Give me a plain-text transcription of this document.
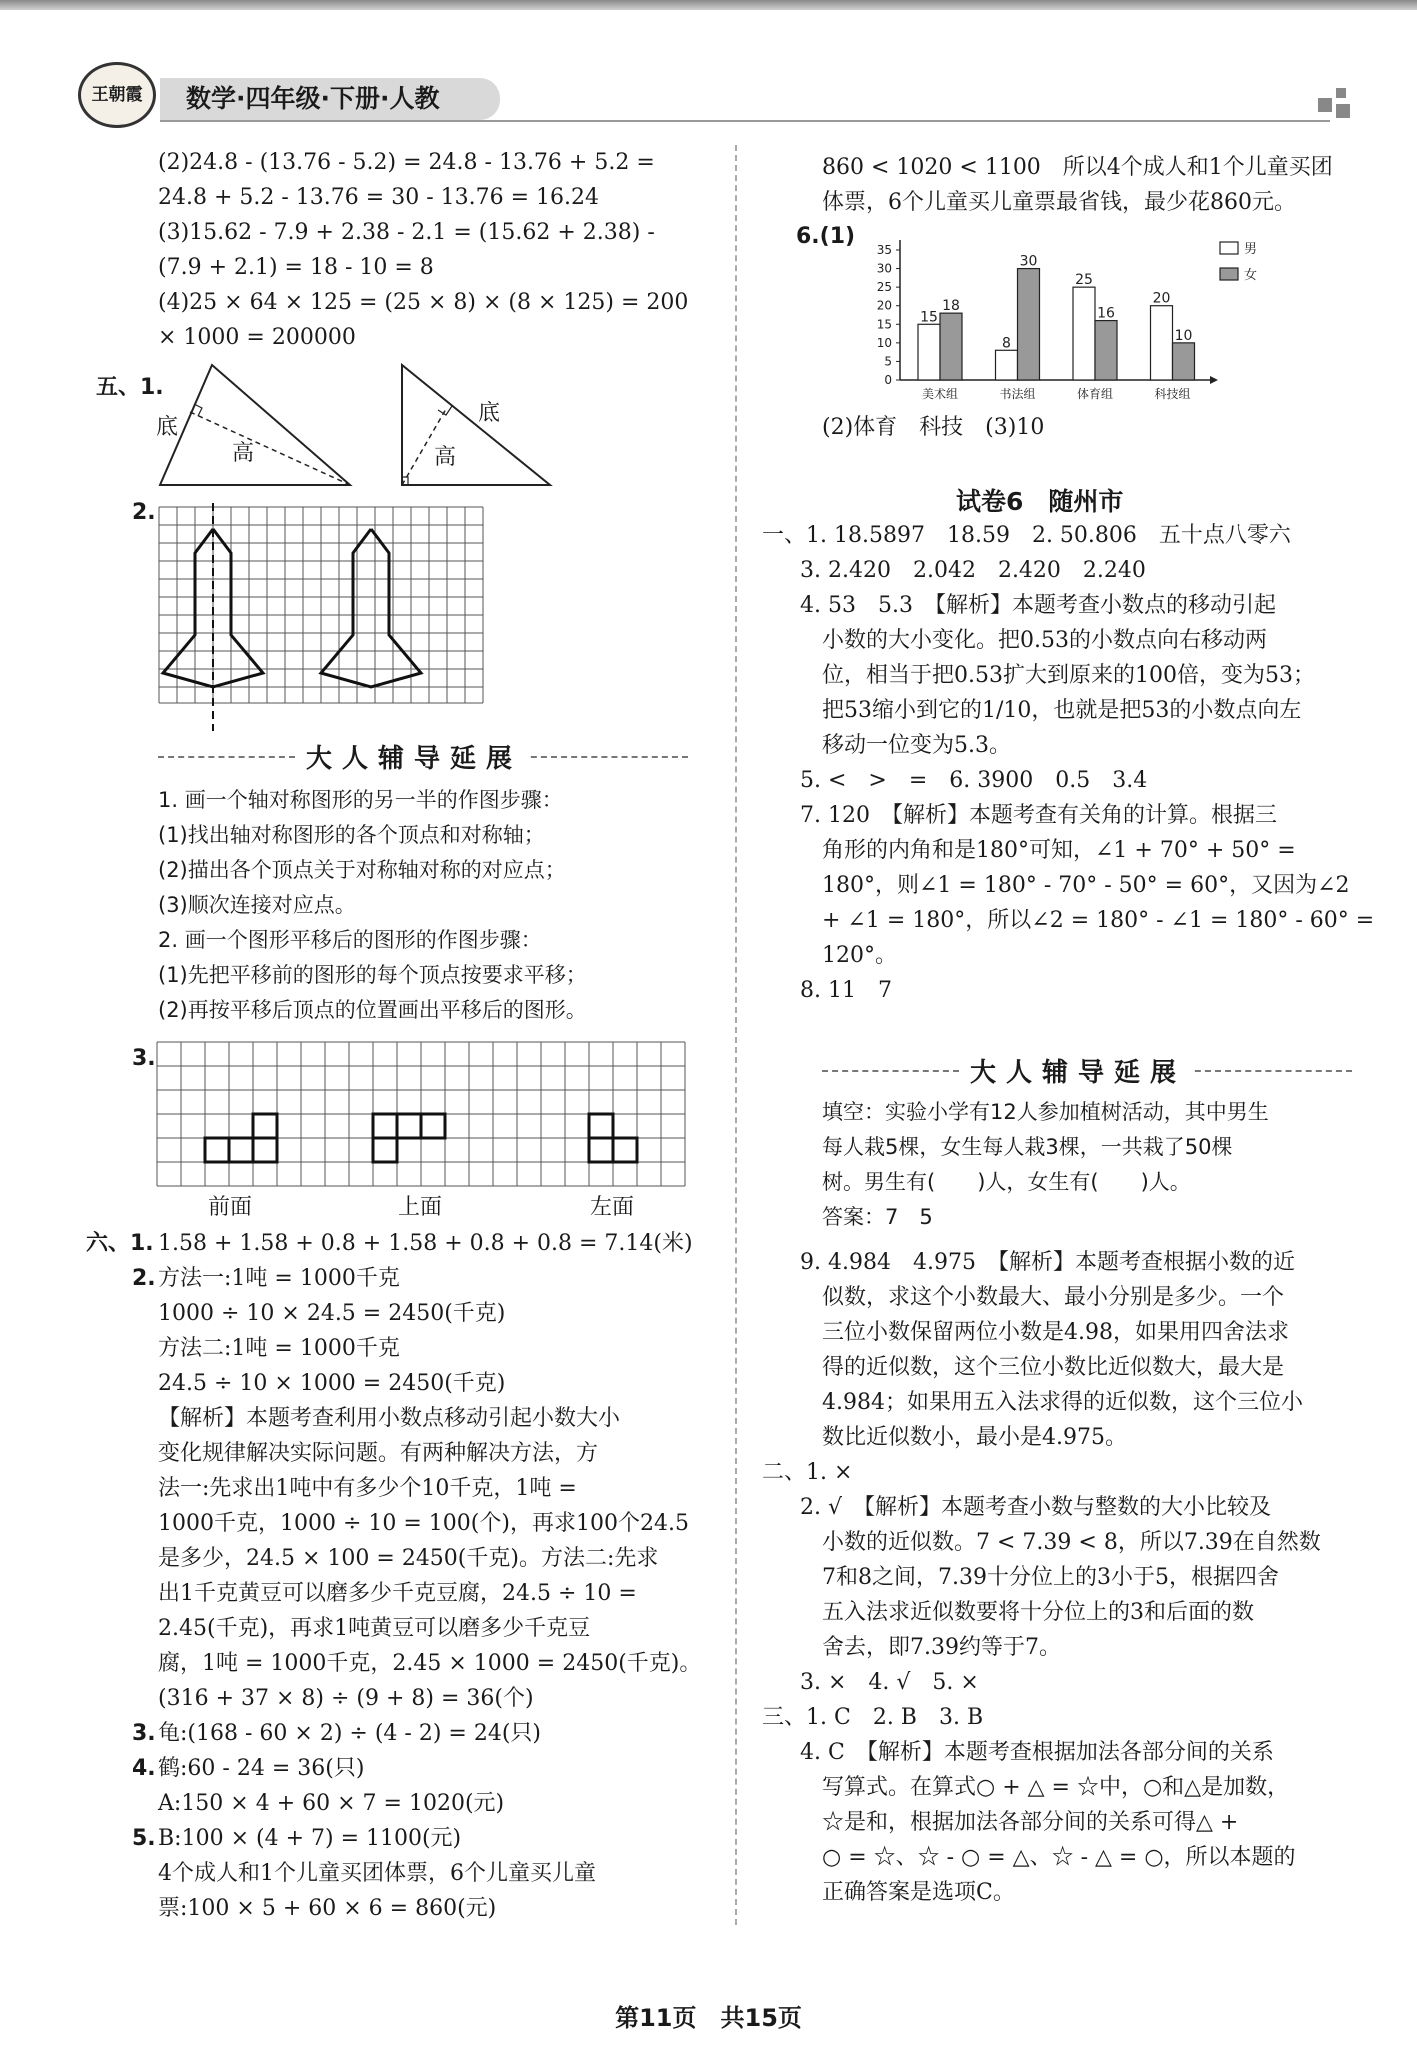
王朝霞	数学·四年级·下册·人教
(2)24.8 - (13.76 - 5.2) = 24.8 - 13.76 + 5.2 =
24.8 + 5.2 - 13.76 = 30 - 13.76 = 16.24
(3)15.62 - 7.9 + 2.38 - 2.1 = (15.62 + 2.38) -
(7.9 + 2.1) = 18 - 10 = 8
(4)25 × 64 × 125 = (25 × 8) × (8 × 125) = 200
× 1000 = 200000
五、1.
底
高
底
高
2.
大人辅导延展
1. 画一个轴对称图形的另一半的作图步骤：
(1)找出轴对称图形的各个顶点和对称轴；
(2)描出各个顶点关于对称轴对称的对应点；
(3)顺次连接对应点。
2. 画一个图形平移后的图形的作图步骤：
(1)先把平移前的图形的每个顶点按要求平移；
(2)再按平移后顶点的位置画出平移后的图形。
3.
前面	上面	左面
六、1.
2.
3.
4.
5.
1.58 + 1.58 + 0.8 + 1.58 + 0.8 + 0.8 = 7.14(米)
方法一:1吨 = 1000千克
1000 ÷ 10 × 24.5 = 2450(千克)
方法二:1吨 = 1000千克
24.5 ÷ 10 × 1000 = 2450(千克)
【解析】本题考查利用小数点移动引起小数大小
变化规律解决实际问题。有两种解决方法，方
法一:先求出1吨中有多少个10千克，1吨 =
1000千克，1000 ÷ 10 = 100(个)，再求100个24.5
是多少，24.5 × 100 = 2450(千克)。方法二:先求
出1千克黄豆可以磨多少千克豆腐，24.5 ÷ 10 =
2.45(千克)，再求1吨黄豆可以磨多少千克豆
腐，1吨 = 1000千克，2.45 × 1000 = 2450(千克)。
(316 + 37 × 8) ÷ (9 + 8) = 36(个)
龟:(168 - 60 × 2) ÷ (4 - 2) = 24(只)
鹤:60 - 24 = 36(只)
A:150 × 4 + 60 × 7 = 1020(元)
B:100 × (4 + 7) = 1100(元)
4个成人和1个儿童买团体票，6个儿童买儿童
票:100 × 5 + 60 × 6 = 860(元)
860 < 1020 < 1100　所以4个成人和1个儿童买团
体票，6个儿童买儿童票最省钱，最少花860元。
6.(1)
0
5
10
15
20
25
30
35
15
18
美术组
8
30
书法组
25
16
体育组
20
10
科技组
男
女
(2)体育　科技　(3)10
试卷6　随州市
一、1. 18.5897　18.59　2. 50.806　五十点八零六
3. 2.420　2.042　2.420　2.240
4. 53　5.3　【解析】本题考查小数点的移动引起
小数的大小变化。把0.53的小数点向右移动两
位，相当于把0.53扩大到原来的100倍，变为53；
把53缩小到它的1/10，也就是把53的小数点向左
移动一位变为5.3。
5. <　>　=　6. 3900　0.5　3.4
7. 120　【解析】本题考查有关角的计算。根据三
角形的内角和是180°可知，∠1 + 70° + 50° =
180°，则∠1 = 180° - 70° - 50° = 60°，又因为∠2
+ ∠1 = 180°，所以∠2 = 180° - ∠1 = 180° - 60° =
120°。
8. 11　7
大人辅导延展
填空：实验小学有12人参加植树活动，其中男生
每人栽5棵，女生每人栽3棵，一共栽了50棵
树。男生有(　　)人，女生有(　　)人。
答案：7　5
9. 4.984　4.975　【解析】本题考查根据小数的近
似数，求这个小数最大、最小分别是多少。一个
三位小数保留两位小数是4.98，如果用四舍法求
得的近似数，这个三位小数比近似数大，最大是
4.984；如果用五入法求得的近似数，这个三位小
数比近似数小，最小是4.975。
二、1. ×
2. √　【解析】本题考查小数与整数的大小比较及
小数的近似数。7 < 7.39 < 8，所以7.39在自然数
7和8之间，7.39十分位上的3小于5，根据四舍
五入法求近似数要将十分位上的3和后面的数
舍去，即7.39约等于7。
3. ×　4. √　5. ×
三、1. C　2. B　3. B
4. C　【解析】本题考查根据加法各部分间的关系
写算式。在算式○ + △ = ☆中，○和△是加数，
☆是和，根据加法各部分间的关系可得△ +
○ = ☆、☆ - ○ = △、☆ - △ = ○，所以本题的
正确答案是选项C。
第11页　共15页
